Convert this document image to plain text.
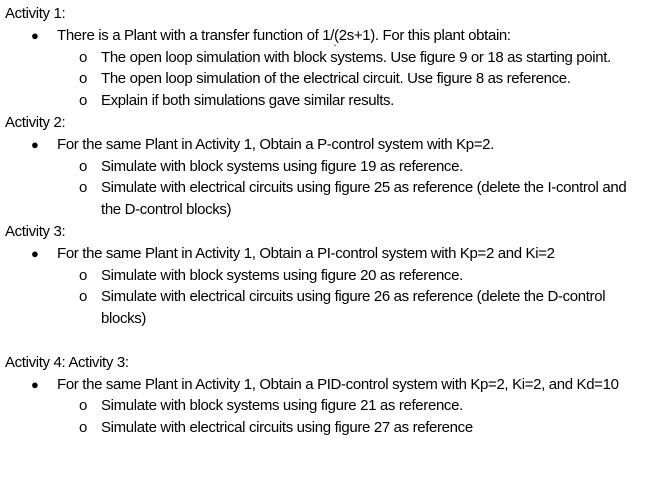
Activity 1:
● There is a Plant with a transfer function of 1/(2s+1). For this plant obtain:
o The open loop simulation with block systems. Use figure 9 or 18 as starting point.
o The open loop simulation of the electrical circuit. Use figure 8 as reference.
o Explain if both simulations gave similar results.
Activity 2:
● For the same Plant in Activity 1, Obtain a P-control system with Kp=2.
o Simulate with block systems using figure 19 as reference.
o Simulate with electrical circuits using figure 25 as reference (delete the I-control and the D-control blocks)
Activity 3:
● For the same Plant in Activity 1, Obtain a PI-control system with Kp=2 and Ki=2
o Simulate with block systems using figure 20 as reference.
o Simulate with electrical circuits using figure 26 as reference (delete the D-control blocks)
Activity 4: Activity 3:
● For the same Plant in Activity 1, Obtain a PID-control system with Kp=2, Ki=2, and Kd=10
o Simulate with block systems using figure 21 as reference.
o Simulate with electrical circuits using figure 27 as reference
